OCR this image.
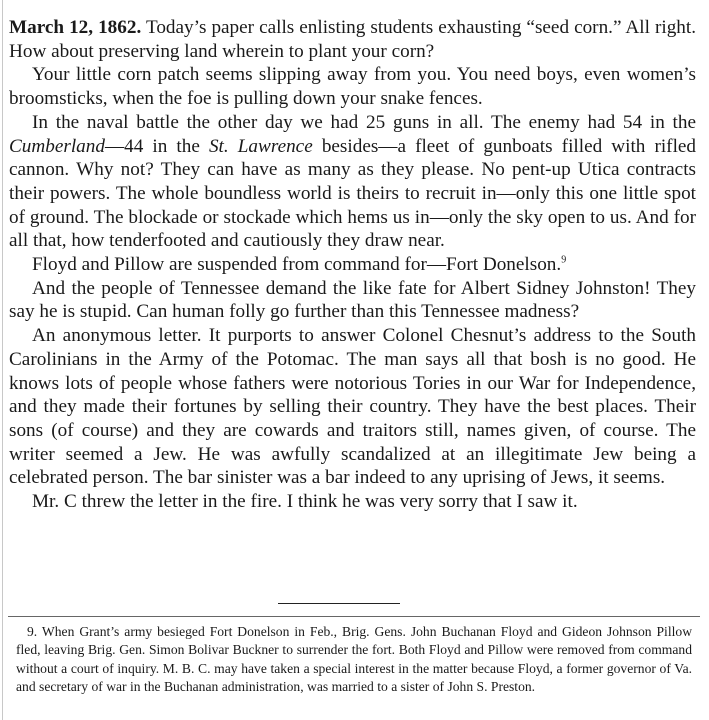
March 12, 1862. Today’s paper calls enlisting students exhausting “seed corn.” All right. How about preserving land wherein to plant your corn?

Your little corn patch seems slipping away from you. You need boys, even women’s broomsticks, when the foe is pulling down your snake fences.

In the naval battle the other day we had 25 guns in all. The enemy had 54 in the Cumberland—44 in the St. Lawrence besides—a fleet of gunboats filled with rifled cannon. Why not? They can have as many as they please. No pent-up Utica contracts their powers. The whole boundless world is theirs to recruit in—only this one little spot of ground. The blockade or stockade which hems us in—only the sky open to us. And for all that, how tenderfooted and cautiously they draw near.

Floyd and Pillow are suspended from command for—Fort Donelson.$^9$

And the people of Tennessee demand the like fate for Albert Sidney Johnston! They say he is stupid. Can human folly go further than this Tennessee madness?

An anonymous letter. It purports to answer Colonel Chesnut’s address to the South Carolinians in the Army of the Potomac. The man says all that bosh is no good. He knows lots of people whose fathers were notorious Tories in our War for Independence, and they made their fortunes by selling their country. They have the best places. Their sons (of course) and they are cowards and traitors still, names given, of course. The writer seemed a Jew. He was awfully scandalized at an illegitimate Jew being a celebrated person. The bar sinister was a bar indeed to any uprising of Jews, it seems.

Mr. C threw the letter in the fire. I think he was very sorry that I saw it.

9. When Grant’s army besieged Fort Donelson in Feb., Brig. Gens. John Buchanan Floyd and Gideon Johnson Pillow fled, leaving Brig. Gen. Simon Bolivar Buckner to surrender the fort. Both Floyd and Pillow were removed from command without a court of inquiry. M. B. C. may have taken a special interest in the matter because Floyd, a former governor of Va. and secretary of war in the Buchanan administration, was married to a sister of John S. Preston.
